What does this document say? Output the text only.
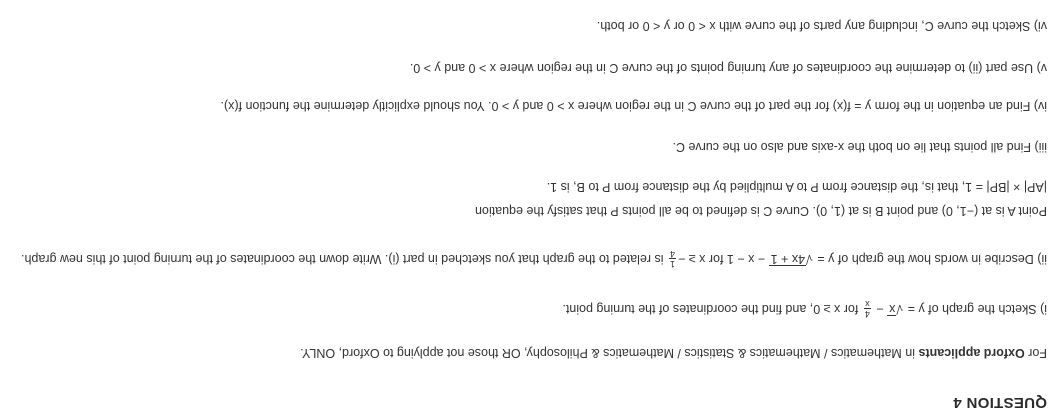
QUESTION 4
For Oxford applicants in Mathematics / Mathematics & Statistics / Mathematics & Philosophy, OR those not applying to Oxford, ONLY.
i) Sketch the graph of y = √x −
4
x
for x ≥ 0, and find the coordinates of the turning point.
ii) Describe in words how the graph of y = √4x + 1 − x − 1 for x ≥ −
1
4
is related to the graph that you sketched in part (i). Write down the coordinates of the turning point of this new graph.
Point A is at (−1, 0) and point B is at (1, 0). Curve C is defined to be all points P that satisfy the equation
|AP| × |BP| = 1, that is, the distance from P to A multiplied by the distance from P to B, is 1.
iii) Find all points that lie on both the x-axis and also on the curve C.
iv) Find an equation in the form y = f(x) for the part of the curve C in the region where x > 0 and y > 0. You should explicitly determine the function f(x).
v) Use part (ii) to determine the coordinates of any turning points of the curve C in the region where x > 0 and y > 0.
vi) Sketch the curve C, including any parts of the curve with x < 0 or y < 0 or both.
